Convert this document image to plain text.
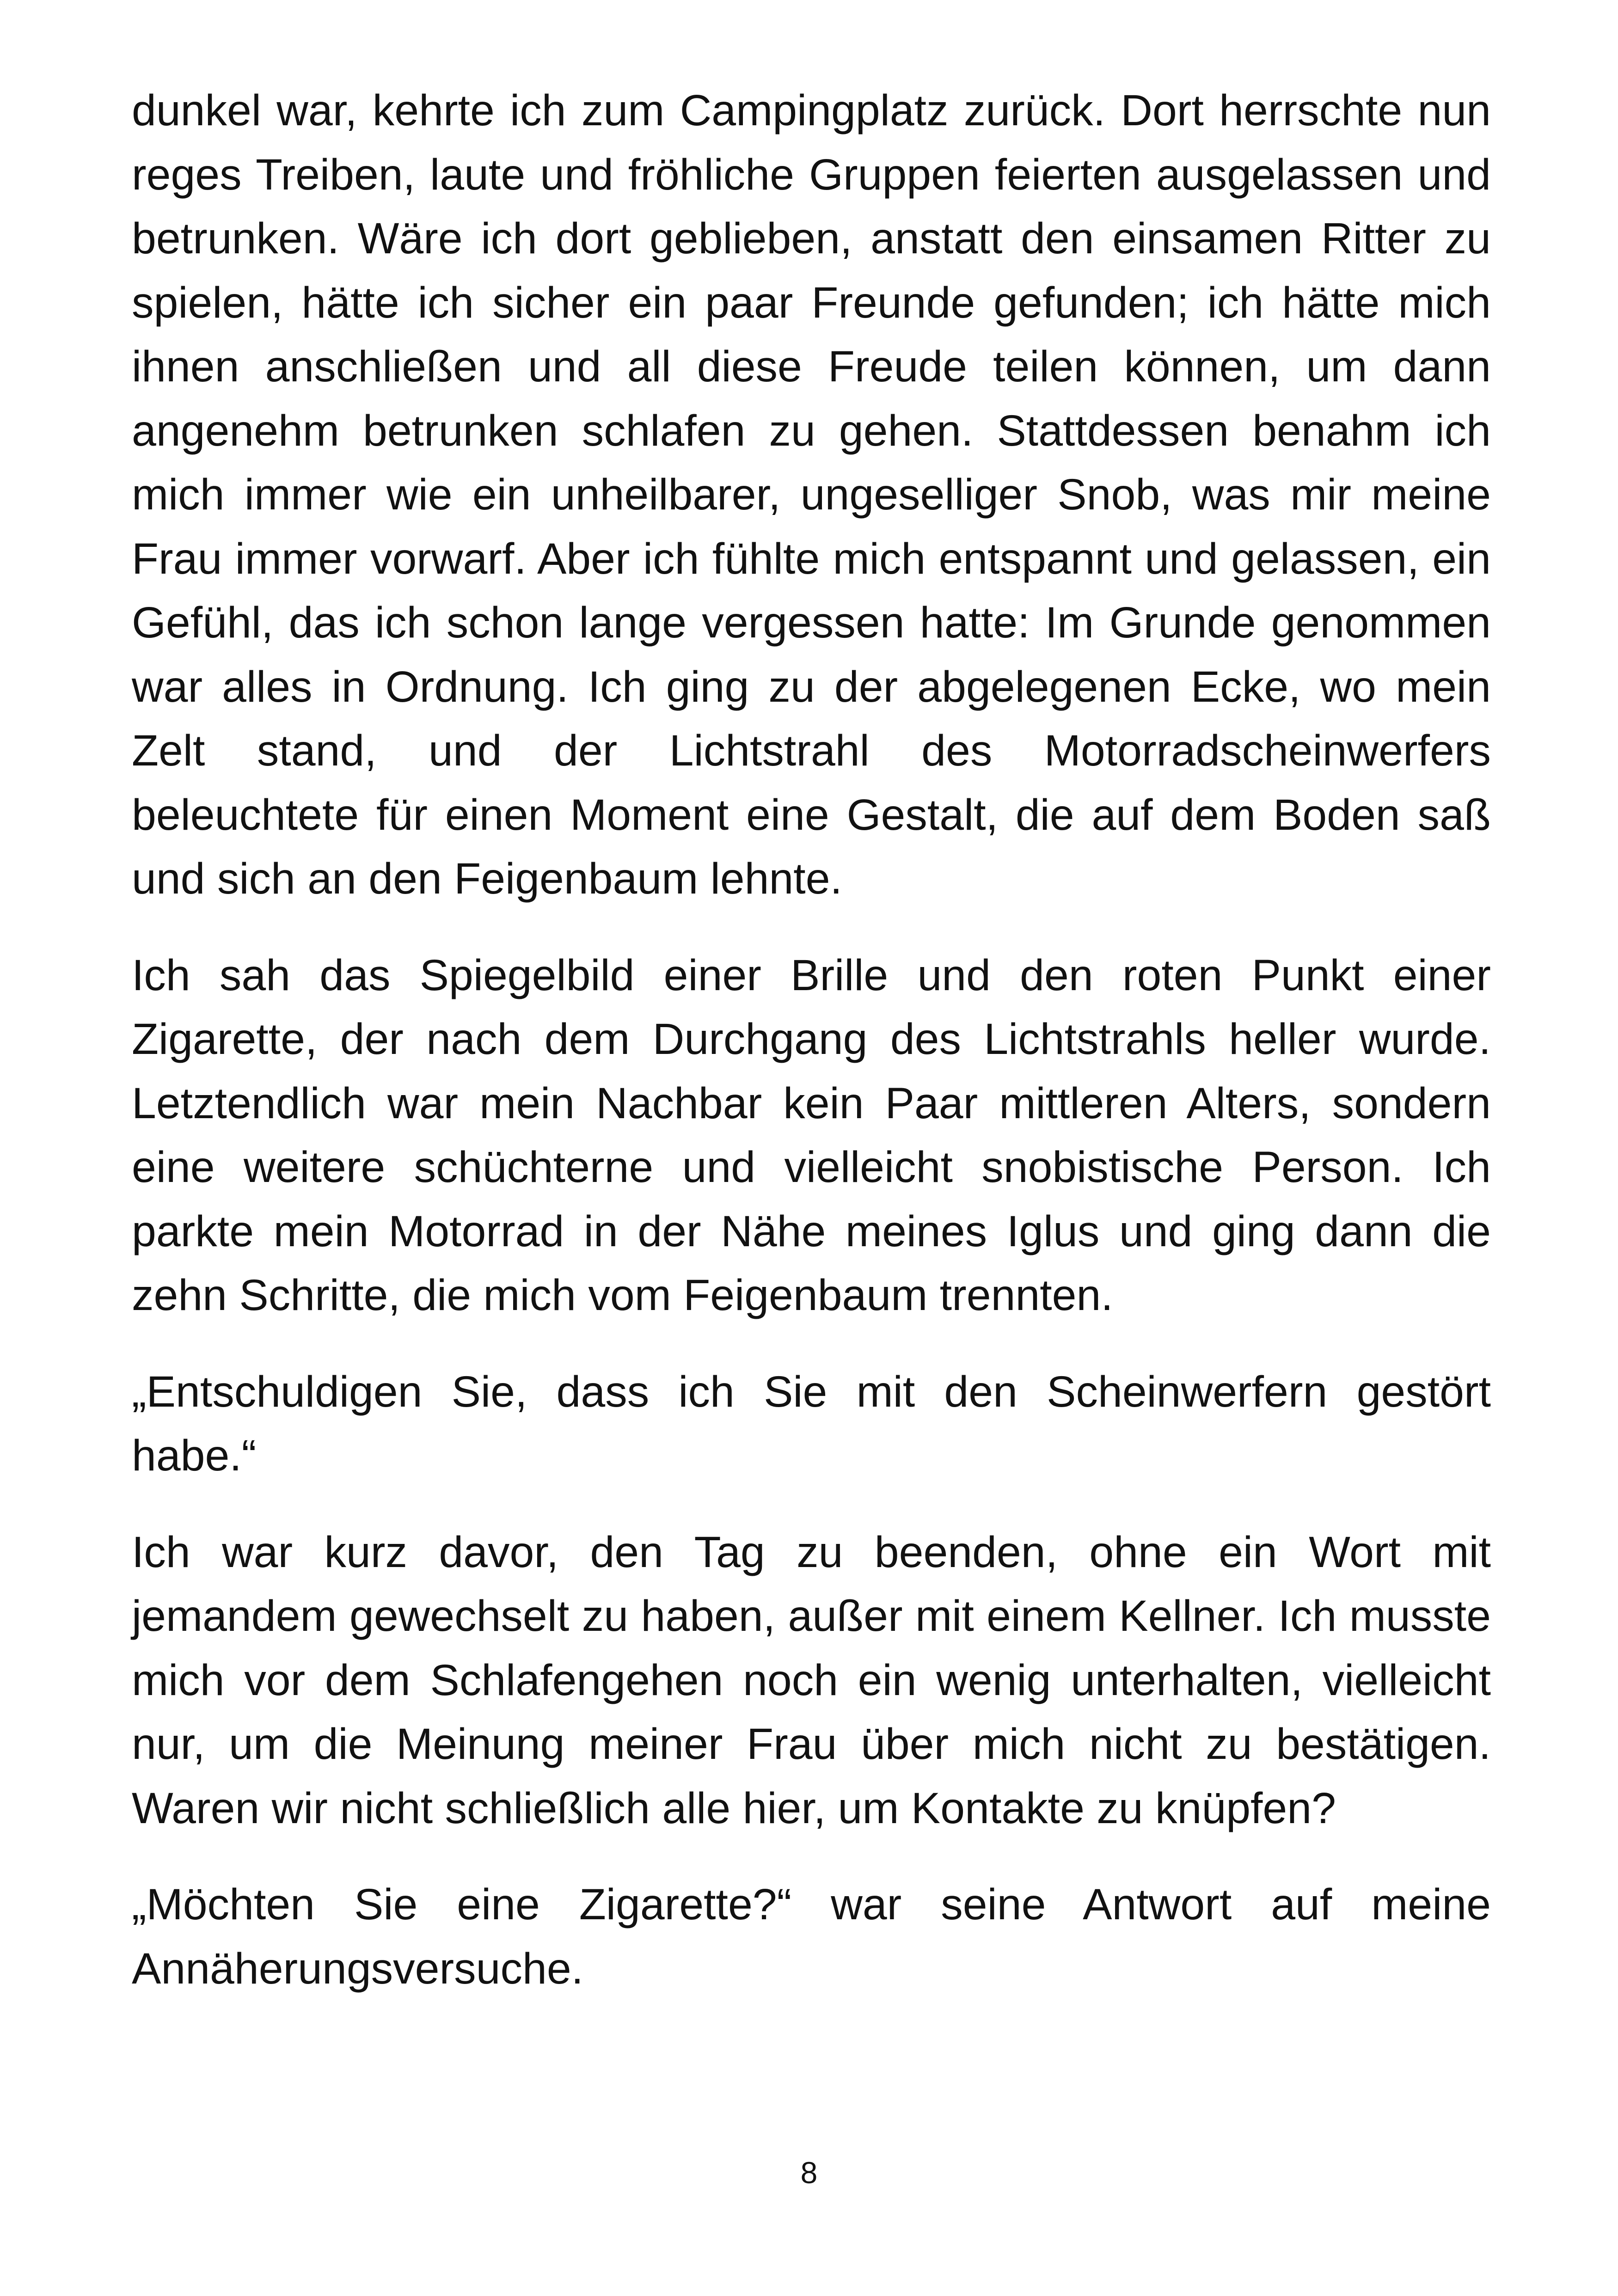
dunkel war, kehrte ich zum Campingplatz zurück. Dort herrschte nun reges Treiben, laute und fröhliche Gruppen feierten ausgelassen und betrunken. Wäre ich dort geblieben, anstatt den einsamen Ritter zu spielen, hätte ich sicher ein paar Freunde gefunden; ich hätte mich ihnen anschließen und all diese Freude teilen können, um dann angenehm betrunken schlafen zu gehen. Stattdessen benahm ich mich immer wie ein unheilbarer, ungeselliger Snob, was mir meine Frau immer vorwarf. Aber ich fühlte mich entspannt und gelassen, ein Gefühl, das ich schon lange vergessen hatte: Im Grunde genommen war alles in Ordnung. Ich ging zu der abgelegenen Ecke, wo mein Zelt stand, und der Lichtstrahl des Motorradscheinwerfers beleuchtete für einen Moment eine Gestalt, die auf dem Boden saß und sich an den Feigenbaum lehnte.

Ich sah das Spiegelbild einer Brille und den roten Punkt einer Zigarette, der nach dem Durchgang des Lichtstrahls heller wurde. Letztendlich war mein Nachbar kein Paar mittleren Alters, sondern eine weitere schüchterne und vielleicht snobistische Person. Ich parkte mein Motorrad in der Nähe meines Iglus und ging dann die zehn Schritte, die mich vom Feigenbaum trennten.

„Entschuldigen Sie, dass ich Sie mit den Scheinwerfern gestört habe.“

Ich war kurz davor, den Tag zu beenden, ohne ein Wort mit jemandem gewechselt zu haben, außer mit einem Kellner. Ich musste mich vor dem Schlafengehen noch ein wenig unterhalten, vielleicht nur, um die Meinung meiner Frau über mich nicht zu bestätigen. Waren wir nicht schließlich alle hier, um Kontakte zu knüpfen?

„Möchten Sie eine Zigarette?“ war seine Antwort auf meine Annäherungsversuche.

8
